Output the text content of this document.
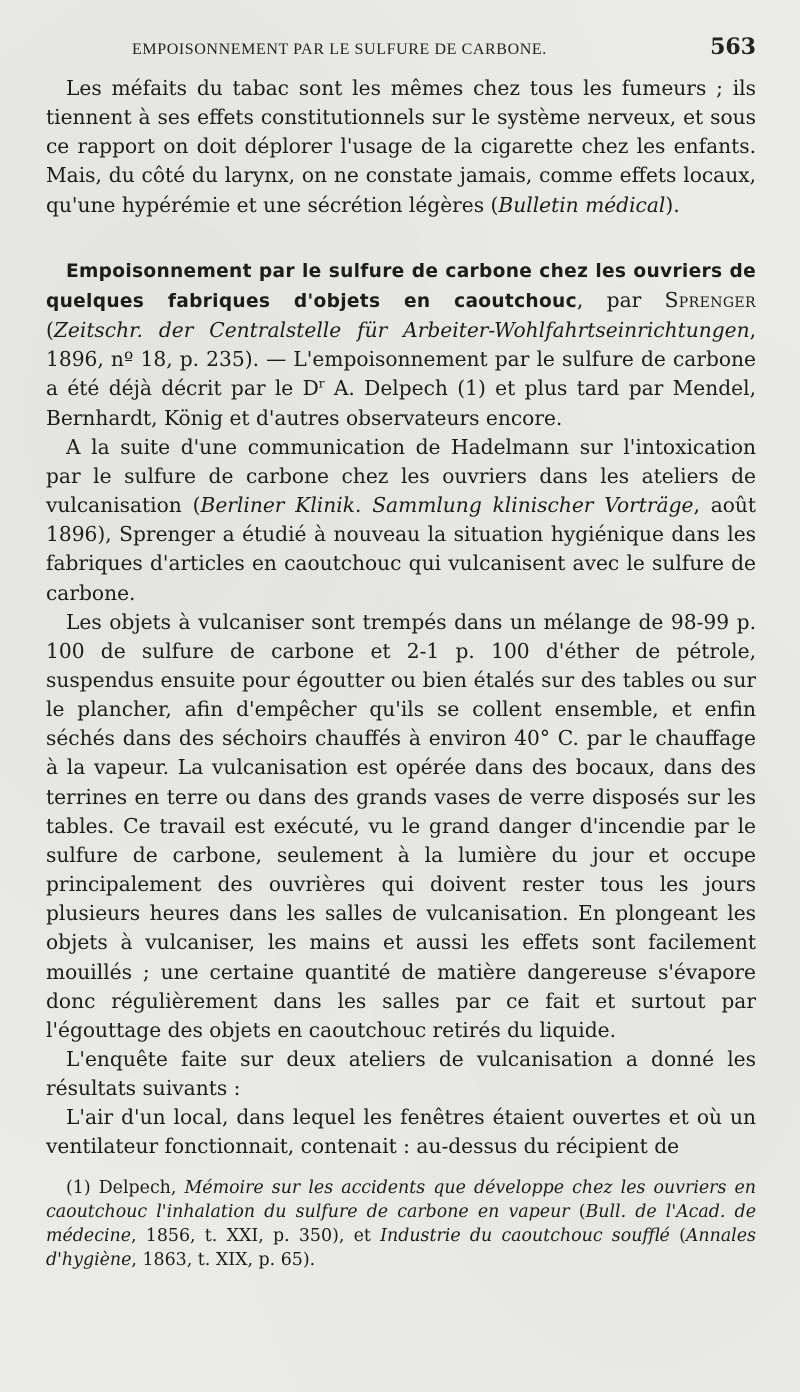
EMPOISONNEMENT PAR LE SULFURE DE CARBONE.	563

Les méfaits du tabac sont les mêmes chez tous les fumeurs ; ils tiennent à ses effets constitutionnels sur le système nerveux, et sous ce rapport on doit déplorer l'usage de la cigarette chez les enfants. Mais, du côté du larynx, on ne constate jamais, comme effets locaux, qu'une hypérémie et une sécrétion légères (Bulletin médical).

Empoisonnement par le sulfure de carbone chez les ouvriers de quelques fabriques d'objets en caoutchouc, par Sprenger (Zeitschr. der Centralstelle für Arbeiter-Wohlfahrtseinrichtungen, 1896, nº 18, p. 235). — L'empoisonnement par le sulfure de carbone a été déjà décrit par le $D^r$ A. Delpech (1) et plus tard par Mendel, Bernhardt, König et d'autres observateurs encore.

A la suite d'une communication de Hadelmann sur l'intoxication par le sulfure de carbone chez les ouvriers dans les ateliers de vulcanisation (Berliner Klinik. Sammlung klinischer Vorträge, août 1896), Sprenger a étudié à nouveau la situation hygiénique dans les fabriques d'articles en caoutchouc qui vulcanisent avec le sulfure de carbone.

Les objets à vulcaniser sont trempés dans un mélange de 98-99 p. 100 de sulfure de carbone et 2-1 p. 100 d'éther de pétrole, suspendus ensuite pour égoutter ou bien étalés sur des tables ou sur le plancher, afin d'empêcher qu'ils se collent ensemble, et enfin séchés dans des séchoirs chauffés à environ 40° C. par le chauffage à la vapeur. La vulcanisation est opérée dans des bocaux, dans des terrines en terre ou dans des grands vases de verre disposés sur les tables. Ce travail est exécuté, vu le grand danger d'incendie par le sulfure de carbone, seulement à la lumière du jour et occupe principalement des ouvrières qui doivent rester tous les jours plusieurs heures dans les salles de vulcanisation. En plongeant les objets à vulcaniser, les mains et aussi les effets sont facilement mouillés ; une certaine quantité de matière dangereuse s'évapore donc régulièrement dans les salles par ce fait et surtout par l'égouttage des objets en caoutchouc retirés du liquide.

L'enquête faite sur deux ateliers de vulcanisation a donné les résultats suivants :

L'air d'un local, dans lequel les fenêtres étaient ouvertes et où un ventilateur fonctionnait, contenait : au-dessus du récipient de

(1) Delpech, Mémoire sur les accidents que développe chez les ouvriers en caoutchouc l'inhalation du sulfure de carbone en vapeur (Bull. de l'Acad. de médecine, 1856, t. XXI, p. 350), et Industrie du caoutchouc soufflé (Annales d'hygiène, 1863, t. XIX, p. 65).
